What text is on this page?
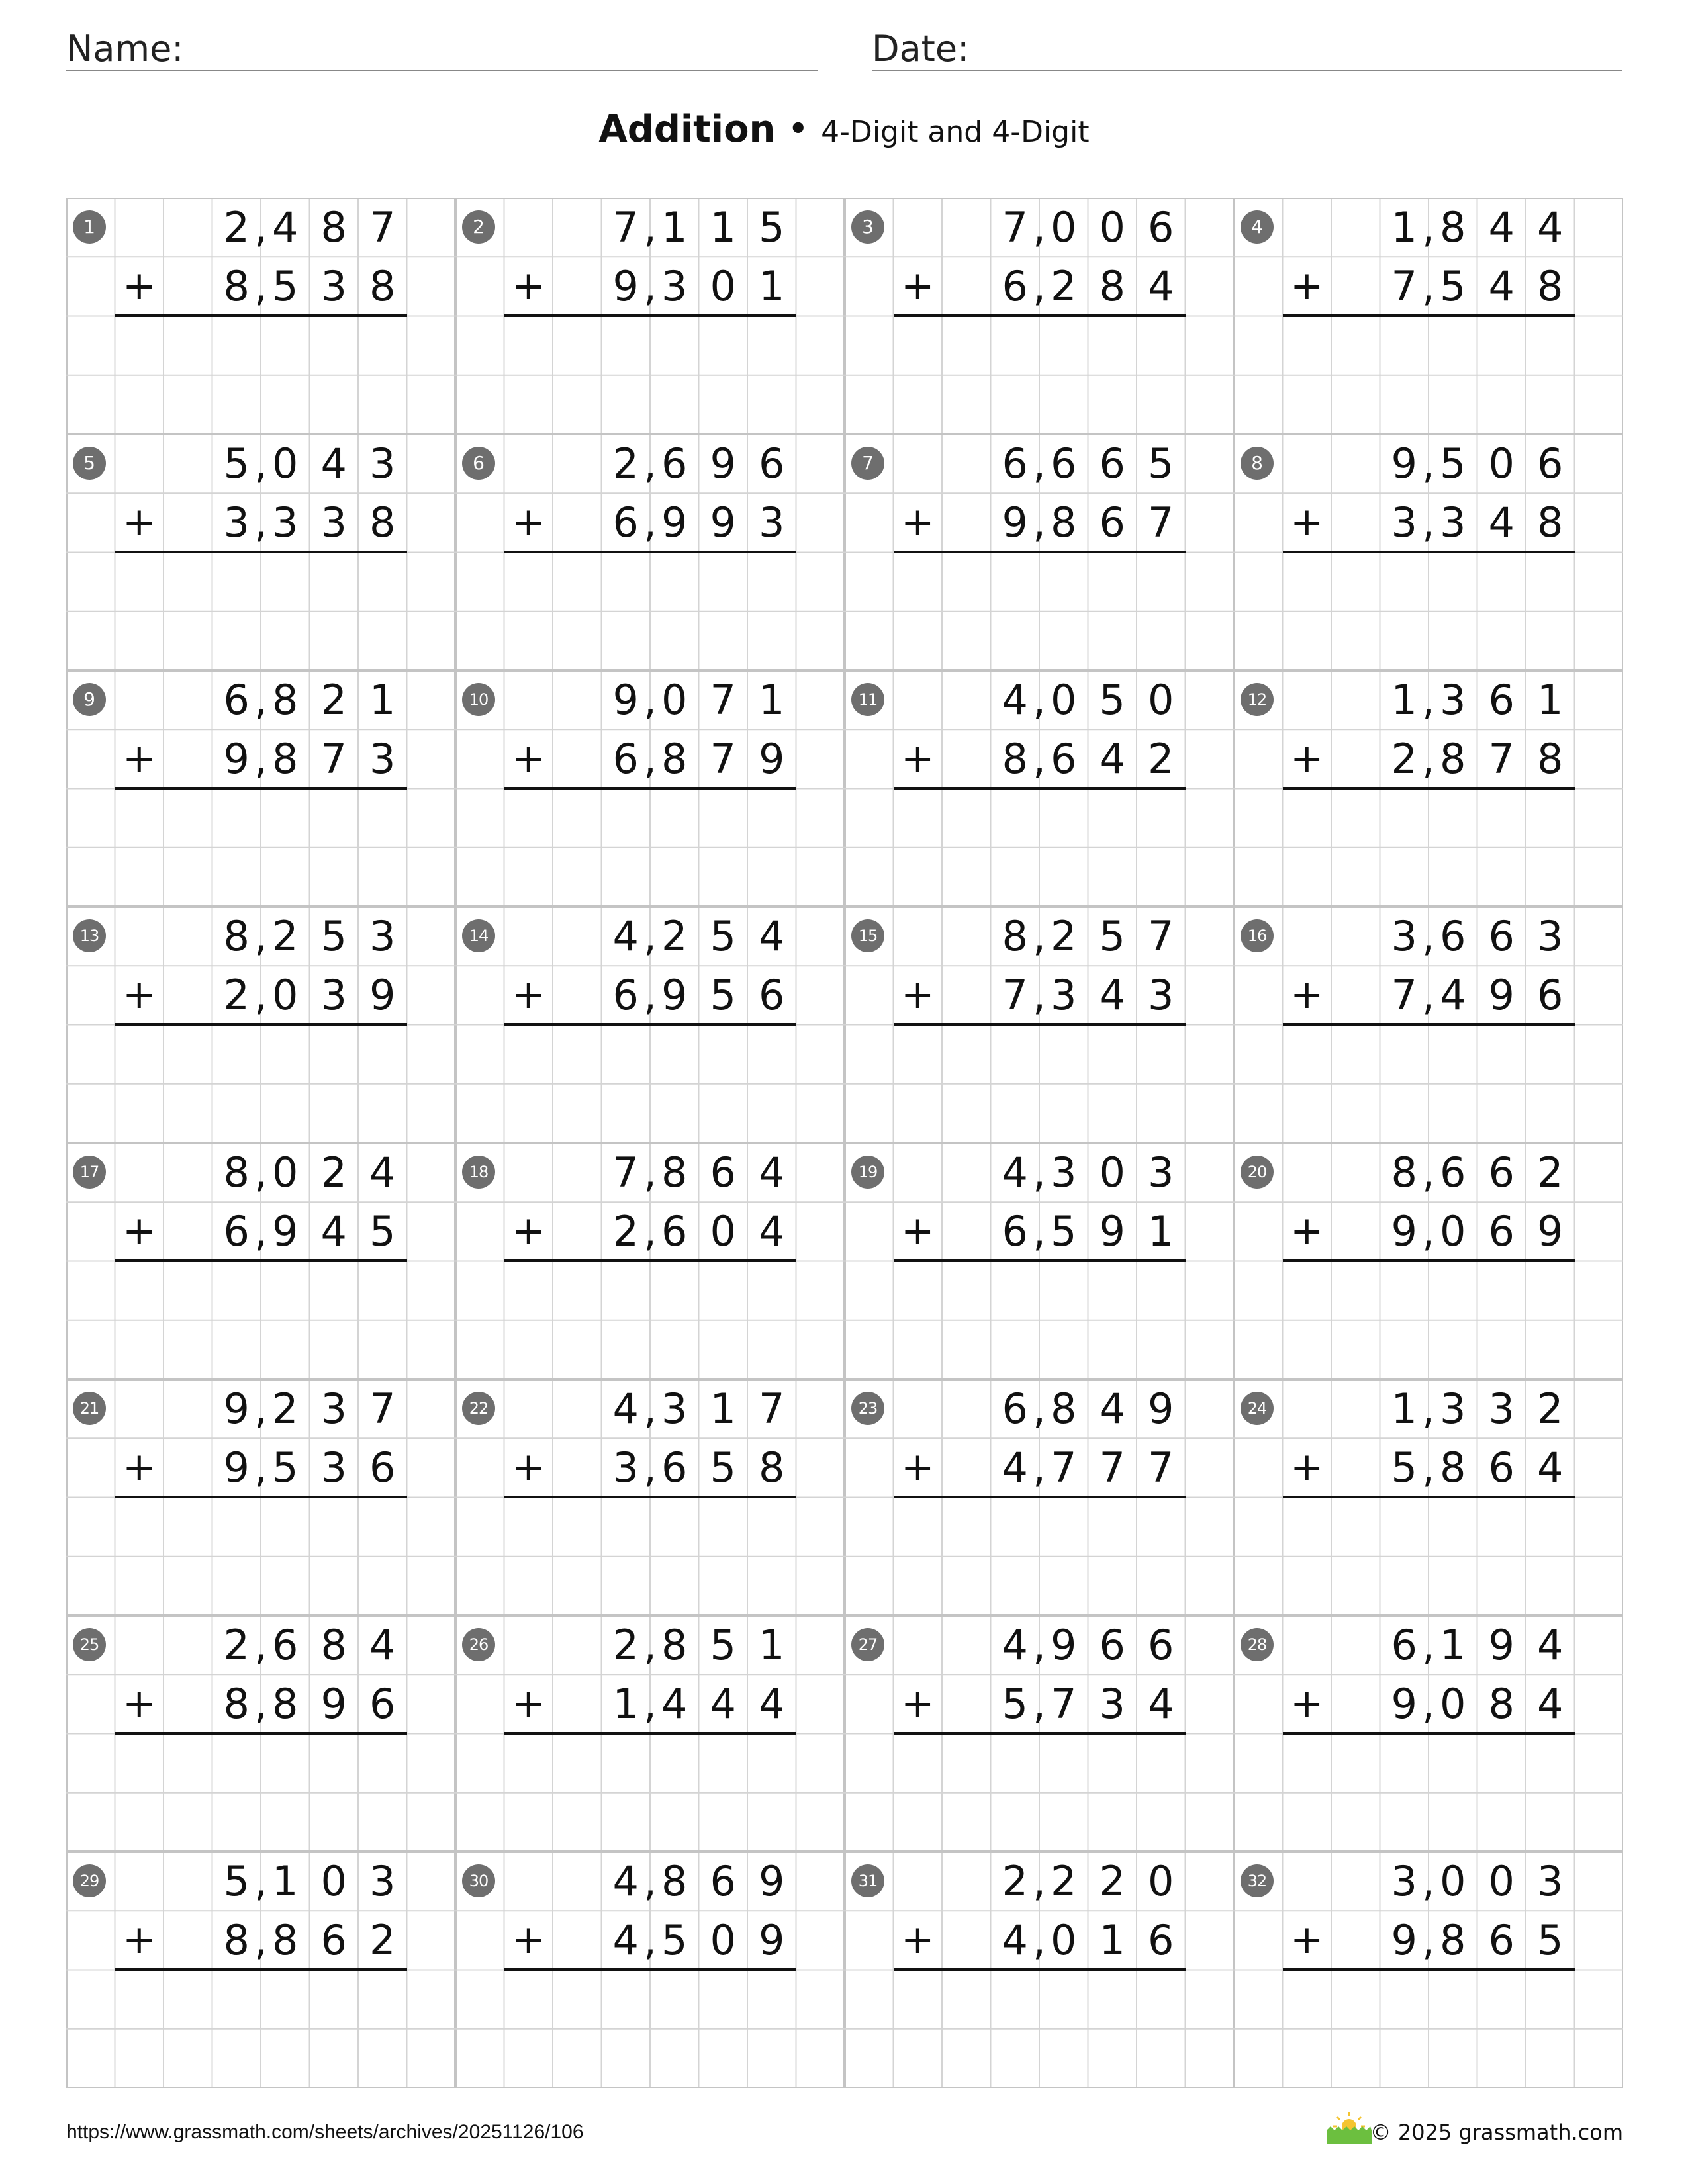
Name:	Date:
Addition • 4-Digit and 4-Digit
1	2 4 8 7
,
8 5 3 8
,
+
2	7 1 1 5
,
9 3 0 1
,
+
3	7 0 0 6
,
6 2 8 4
,
+
4	1 8 4 4
,
7 5 4 8
,
+
5	5 0 4 3
,
3 3 3 8
,
+
6	2 6 9 6
,
6 9 9 3
,
+
7	6 6 6 5
,
9 8 6 7
,
+
8	9 5 0 6
,
3 3 4 8
,
+
9	6 8 2 1
,
9 8 7 3
,
+
10	9 0 7 1
,
6 8 7 9
,
+
11	4 0 5 0
,
8 6 4 2
,
+
12	1 3 6 1
,
2 8 7 8
,
+
13	8 2 5 3
,
2 0 3 9
,
+
14	4 2 5 4
,
6 9 5 6
,
+
15	8 2 5 7
,
7 3 4 3
,
+
16	3 6 6 3
,
7 4 9 6
,
+
17	8 0 2 4
,
6 9 4 5
,
+
18	7 8 6 4
,
2 6 0 4
,
+
19	4 3 0 3
,
6 5 9 1
,
+
20	8 6 6 2
,
9 0 6 9
,
+
21	9 2 3 7
,
9 5 3 6
,
+
22	4 3 1 7
,
3 6 5 8
,
+
23	6 8 4 9
,
4 7 7 7
,
+
24	1 3 3 2
,
5 8 6 4
,
+
25	2 6 8 4
,
8 8 9 6
,
+
26	2 8 5 1
,
1 4 4 4
,
+
27	4 9 6 6
,
5 7 3 4
,
+
28	6 1 9 4
,
9 0 8 4
,
+
29	5 1 0 3
,
8 8 6 2
,
+
30	4 8 6 9
,
4 5 0 9
,
+
31	2 2 2 0
,
4 0 1 6
,
+
32	3 0 0 3
,
9 8 6 5
,
+
https://www.grassmath.com/sheets/archives/20251126/106	© 2025 grassmath.com
